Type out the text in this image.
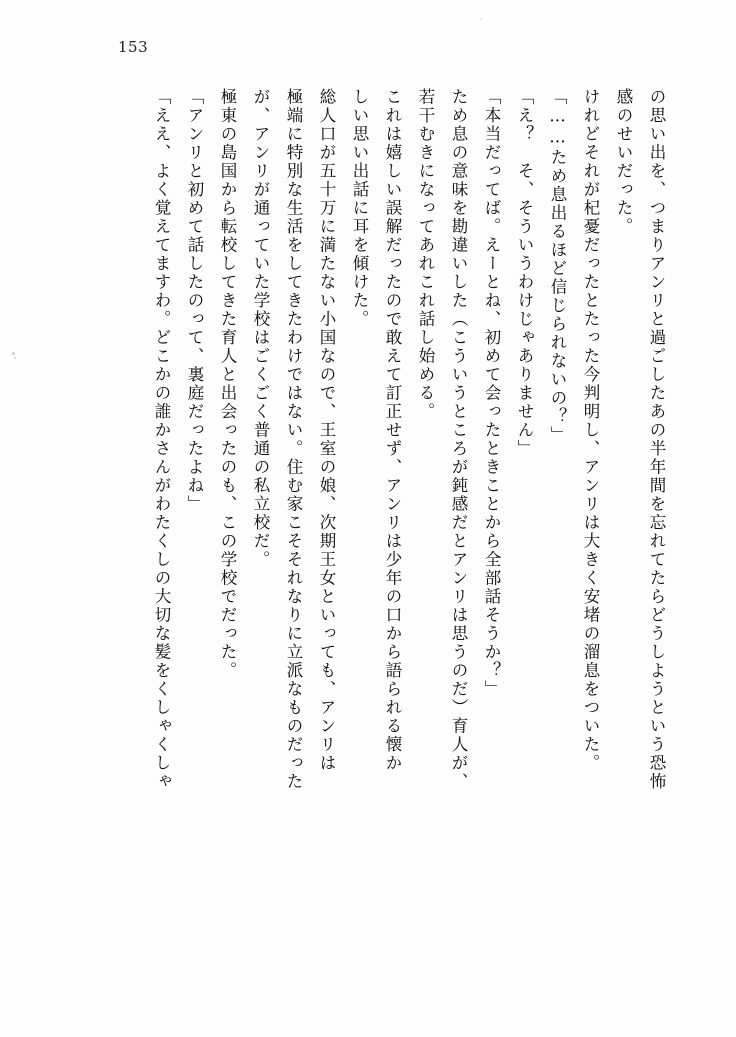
153
の思い出を、つまりアンリと過ごしたあの半年間を忘れてたらどうしようという恐怖
感のせいだった。
けれどそれが杞憂だったとたった今判明し、アンリは大きく安堵の溜息をついた。
「……ため息出るほど信じられないの？」
「え？　そ、そういうわけじゃありません」
「本当だってば。えーとね、初めて会ったときことから全部話そうか？」
ため息の意味を勘違いした（こういうところが鈍感だとアンリは思うのだ）育人が、
若干むきになってあれこれ話し始める。
これは嬉しい誤解だったので敢えて訂正せず、アンリは少年の口から語られる懐か
しい思い出話に耳を傾けた。
総人口が五十万に満たない小国なので、王室の娘、次期王女といっても、アンリは
極端に特別な生活をしてきたわけではない。住む家こそそれなりに立派なものだった
が、アンリが通っていた学校はごくごく普通の私立校だ。
極東の島国から転校してきた育人と出会ったのも、この学校でだった。
「アンリと初めて話したのって、裏庭だったよね」
「ええ、よく覚えてますわ。どこかの誰かさんがわたくしの大切な髪をくしゃくしゃ
